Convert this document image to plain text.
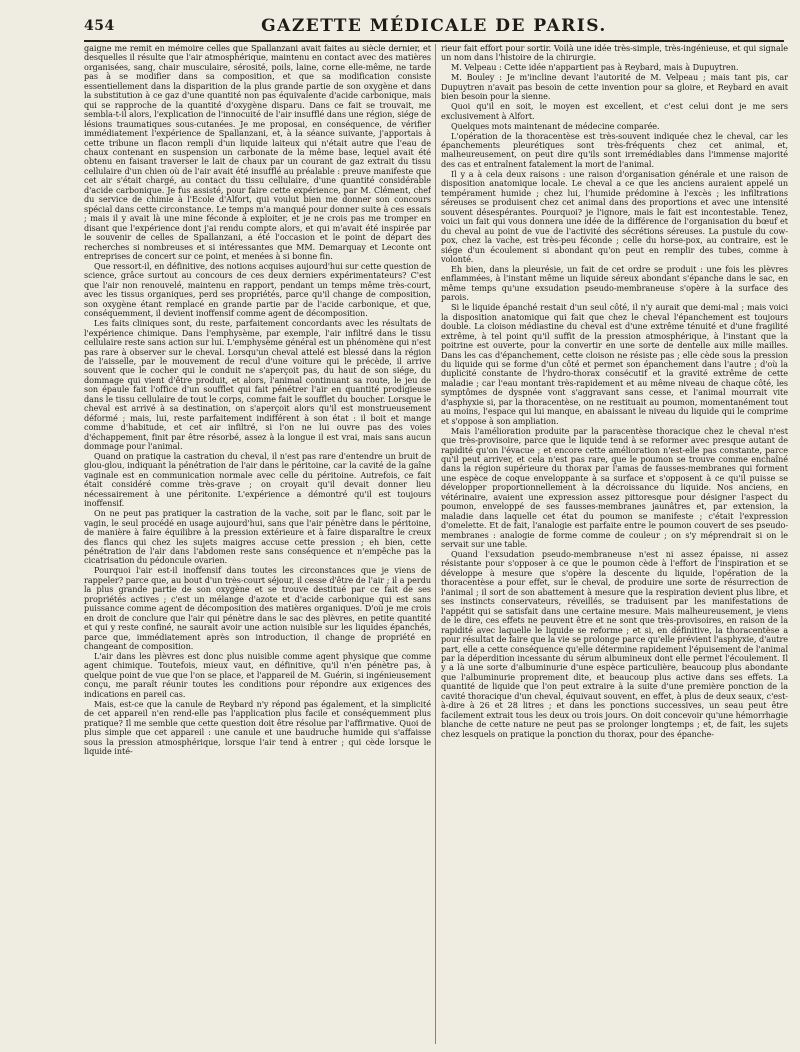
454	GAZETTE MÉDICALE DE PARIS.

gaigne me remit en mémoire celles que Spallanzani avait faites au siècle dernier, et desquelles il résulte que l'air atmosphérique, maintenu en contact avec des matières organisées, sang, chair musculaire, sérosité, poils, laine, corne elle-même, ne tarde pas à se modifier dans sa composition, et que sa modification consiste essentiellement dans la disparition de la plus grande partie de son oxygène et dans la substitution à ce gaz d'une quantité non pas équivalente d'acide carbonique, mais qui se rapproche de la quantité d'oxygène disparu. Dans ce fait se trouvait, me sembla-t-il alors, l'explication de l'innocuité de l'air insufflé dans une région, siége de lésions traumatiques sous-cutanées. Je me proposai, en conséquence, de vérifier immédiatement l'expérience de Spallanzani, et, à la séance suivante, j'apportais à cette tribune un flacon rempli d'un liquide laiteux qui n'était autre que l'eau de chaux contenant en suspension un carbonate de la même base, lequel avait été obtenu en faisant traverser le lait de chaux par un courant de gaz extrait du tissu cellulaire d'un chien où de l'air avait été insufflé au préalable : preuve manifeste que cet air s'était chargé, au contact du tissu cellulaire, d'une quantité considérable d'acide carbonique. Je fus assisté, pour faire cette expérience, par M. Clément, chef du service de chimie à l'Ecole d'Alfort, qui voulut bien me donner son concours spécial dans cette circonstance. Le temps m'a manqué pour donner suite à ces essais ; mais il y avait là une mine féconde à exploiter, et je ne crois pas me tromper en disant que l'expérience dont j'ai rendu compte alors, et qui m'avait été inspirée par le souvenir de celles de Spallanzani, a été l'occasion et le point de départ des recherches si nombreuses et si intéressantes que MM. Demarquay et Leconte ont entreprises de concert sur ce point, et menées à si bonne fin.

Que ressort-il, en définitive, des notions acquises aujourd'hui sur cette question de science, grâce surtout au concours de ces deux derniers expérimentateurs? C'est que l'air non renouvelé, maintenu en rapport, pendant un temps même très-court, avec les tissus organiques, perd ses propriétés, parce qu'il change de composition, son oxygène étant remplacé en grande partie par de l'acide carbonique, et que, conséquemment, il devient inoffensif comme agent de décomposition.

Les faits cliniques sont, du reste, parfaitement concordants avec les résultats de l'expérience chimique. Dans l'emphysème, par exemple, l'air infiltré dans le tissu cellulaire reste sans action sur lui. L'emphysème général est un phénomène qui n'est pas rare à observer sur le cheval. Lorsqu'un cheval attelé est blessé dans la région de l'aisselle, par le mouvement de recul d'une voiture qui le précède, il arrive souvent que le cocher qui le conduit ne s'aperçoit pas, du haut de son siége, du dommage qui vient d'être produit, et alors, l'animal continuant sa route, le jeu de son épaule fait l'office d'un soufflet qui fait pénétrer l'air en quantité prodigieuse dans le tissu cellulaire de tout le corps, comme fait le soufflet du boucher. Lorsque le cheval est arrivé à sa destination, on s'aperçoit alors qu'il est monstrueusement déformé ; mais, lui, reste parfaitement indifférent à son état : il boit et mange comme d'habitude, et cet air infiltré, si l'on ne lui ouvre pas des voies d'échappement, finit par être résorbé, assez à la longue il est vrai, mais sans aucun dommage pour l'animal.

Quand on pratique la castration du cheval, il n'est pas rare d'entendre un bruit de glou-glou, indiquant la pénétration de l'air dans le péritoine, car la cavité de la gaîne vaginale est en communication normale avec celle du péritoine. Autrefois, ce fait était considéré comme très-grave ; on croyait qu'il devait donner lieu nécessairement à une péritonite. L'expérience a démontré qu'il est toujours inoffensif.

On ne peut pas pratiquer la castration de la vache, soit par le flanc, soit par le vagin, le seul procédé en usage aujourd'hui, sans que l'air pénètre dans le péritoine, de manière à faire équilibre à la pression extérieure et à faire disparaître le creux des flancs qui chez les sujets maigres accuse cette pression ; eh bien, cette pénétration de l'air dans l'abdomen reste sans conséquence et n'empêche pas la cicatrisation du pédoncule ovarien.

Pourquoi l'air est-il inoffensif dans toutes les circonstances que je viens de rappeler? parce que, au bout d'un très-court séjour, il cesse d'être de l'air ; il a perdu la plus grande partie de son oxygène et se trouve destitué par ce fait de ses propriétés actives ; c'est un mélange d'azote et d'acide carbonique qui est sans puissance comme agent de décomposition des matières organiques. D'où je me crois en droit de conclure que l'air qui pénètre dans le sac des plèvres, en petite quantité et qui y reste confiné, ne saurait avoir une action nuisible sur les liquides épanchés, parce que, immédiatement après son introduction, il change de propriété en changeant de composition.

L'air dans les plèvres est donc plus nuisible comme agent physique que comme agent chimique. Toutefois, mieux vaut, en définitive, qu'il n'en pénètre pas, à quelque point de vue que l'on se place, et l'appareil de M. Guérin, si ingénieusement conçu, me paraît réunir toutes les conditions pour répondre aux exigences des indications en pareil cas.

Mais, est-ce que la canule de Reybard n'y répond pas également, et la simplicité de cet appareil n'en rend-elle pas l'application plus facile et conséquemment plus pratique? Il me semble que cette question doit être résolue par l'affirmative. Quoi de plus simple que cet appareil : une canule et une baudruche humide qui s'affaisse sous la pression atmosphérique, lorsque l'air tend à entrer ; qui cède lorsque le liquide inté-

rieur fait effort pour sortir. Voilà une idée très-simple, très-ingénieuse, et qui signale un nom dans l'histoire de la chirurgie.

M. Velpeau : Cette idée n'appartient pas à Reybard, mais à Dupuytren.

M. Bouley : Je m'incline devant l'autorité de M. Velpeau ; mais tant pis, car Dupuytren n'avait pas besoin de cette invention pour sa gloire, et Reybard en avait bien besoin pour la sienne.

Quoi qu'il en soit, le moyen est excellent, et c'est celui dont je me sers exclusivement à Alfort.

Quelques mots maintenant de médecine comparée.

L'opération de la thoracentèse est très-souvent indiquée chez le cheval, car les épanchements pleurétiques sont très-fréquents chez cet animal, et, malheureusement, on peut dire qu'ils sont irremédiables dans l'immense majorité des cas et entraînent fatalement la mort de l'animal.

Il y a à cela deux raisons : une raison d'organisation générale et une raison de disposition anatomique locale. Le cheval a ce que les anciens auraient appelé un tempérament humide ; chez lui, l'humide prédomine à l'excès ; les infiltrations séreuses se produisent chez cet animal dans des proportions et avec une intensité souvent désespérantes. Pourquoi? je l'ignore, mais le fait est incontestable. Tenez, voici un fait qui vous donnera une idée de la différence de l'organisation du bœuf et du cheval au point de vue de l'activité des sécrétions séreuses. La pustule du cow-pox, chez la vache, est très-peu féconde ; celle du horse-pox, au contraire, est le siége d'un écoulement si abondant qu'on peut en remplir des tubes, comme à volonté.

Eh bien, dans la pleurésie, un fait de cet ordre se produit : une fois les plèvres enflammées, à l'instant même un liquide séreux abondant s'épanche dans le sac, en même temps qu'une exsudation pseudo-membraneuse s'opère à la surface des parois.

Si le liquide épanché restait d'un seul côté, il n'y aurait que demi-mal ; mais voici la disposition anatomique qui fait que chez le cheval l'épanchement est toujours double. La cloison médiastine du cheval est d'une extrême ténuité et d'une fragilité extrême, à tel point qu'il suffit de la pression atmosphérique, à l'instant que la poitrine est ouverte, pour la convertir en une sorte de dentelle aux mille mailles. Dans les cas d'épanchement, cette cloison ne résiste pas ; elle cède sous la pression du liquide qui se forme d'un côté et permet son épanchement dans l'autre ; d'où la duplicité constante de l'hydro-thorax consécutif et la gravité extrême de cette maladie ; car l'eau montant très-rapidement et au même niveau de chaque côté, les symptômes de dyspnée vont s'aggravant sans cesse, et l'animal mourrait vite d'asphyxie si, par la thoracentèse, on ne restituait au poumon, momentanément tout au moins, l'espace qui lui manque, en abaissant le niveau du liquide qui le comprime et s'oppose à son ampliation.

Mais l'amélioration produite par la paracentèse thoracique chez le cheval n'est que très-provisoire, parce que le liquide tend à se reformer avec presque autant de rapidité qu'on l'évacue ; et encore cette amélioration n'est-elle pas constante, parce qu'il peut arriver, et cela n'est pas rare, que le poumon se trouve comme enchaîné dans la région supérieure du thorax par l'amas de fausses-membranes qui forment une espèce de coque enveloppante à sa surface et s'opposent à ce qu'il puisse se développer proportionnellement à la décroissance du liquide. Nos anciens, en vétérinaire, avaient une expression assez pittoresque pour désigner l'aspect du poumon, enveloppé de ses fausses-membranes jaunâtres et, par extension, la maladie dans laquelle cet état du poumon se manifeste ; c'était l'expression d'omelette. Et de fait, l'analogie est parfaite entre le poumon couvert de ses pseudo-membranes : analogie de forme comme de couleur ; on s'y méprendrait si on le servait sur une table.

Quand l'exsudation pseudo-membraneuse n'est ni assez épaisse, ni assez résistante pour s'opposer à ce que le poumon cède à l'effort de l'inspiration et se développe à mesure que s'opère la descente du liquide, l'opération de la thoracentèse a pour effet, sur le cheval, de produire une sorte de résurrection de l'animal ; il sort de son abattement à mesure que la respiration devient plus libre, et ses instincts conservateurs, réveillés, se traduisent par les manifestations de l'appétit qui se satisfait dans une certaine mesure. Mais malheureusement, je viens de le dire, ces effets ne peuvent être et ne sont que très-provisoires, en raison de la rapidité avec laquelle le liquide se reforme ; et si, en définitive, la thoracentèse a pour résultat de faire que la vie se prolonge parce qu'elle prévient l'asphyxie, d'autre part, elle a cette conséquence qu'elle détermine rapidement l'épuisement de l'animal par la déperdition incessante du sérum albumineux dont elle permet l'écoulement. Il y a là une sorte d'albuminurie d'une espèce particulière, beaucoup plus abondante que l'albuminurie proprement dite, et beaucoup plus active dans ses effets. La quantité de liquide que l'on peut extraire à la suite d'une première ponction de la cavité thoracique d'un cheval, équivaut souvent, en effet, à plus de deux seaux, c'est-à-dire à 26 et 28 litres ; et dans les ponctions successives, un seau peut être facilement extrait tous les deux ou trois jours. On doit concevoir qu'une hémorrhagie blanche de cette nature ne peut pas se prolonger longtemps ; et, de fait, les sujets chez lesquels on pratique la ponction du thorax, pour des épanche-
